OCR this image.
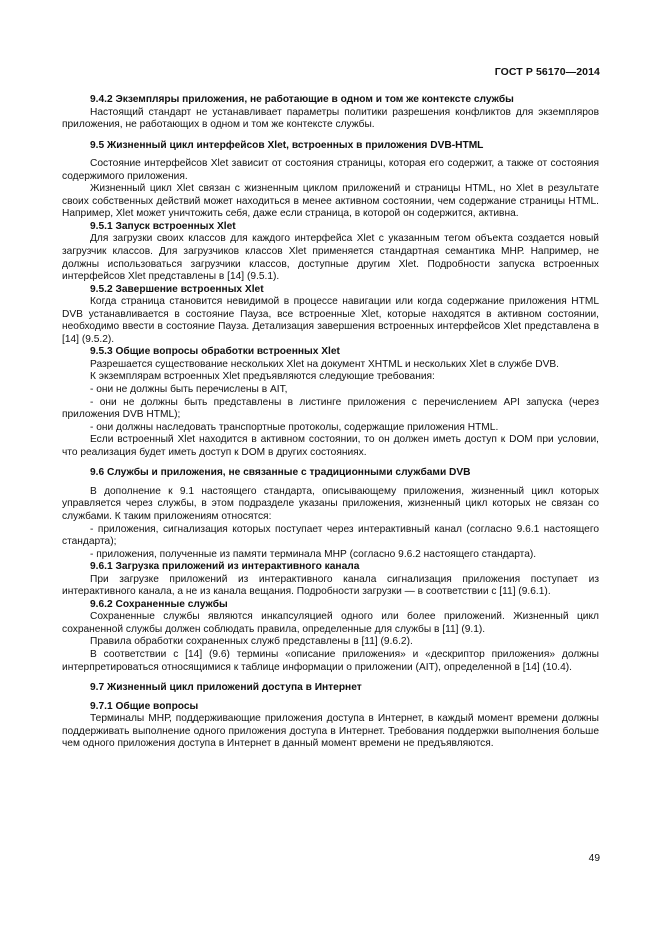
ГОСТ Р 56170—2014
9.4.2 Экземпляры приложения, не работающие в одном и том же контексте службы

Настоящий стандарт не устанавливает параметры политики разрешения конфликтов для экземпляров приложения, не работающих в одном и том же контексте службы.

9.5 Жизненный цикл интерфейсов Xlet, встроенных в приложения DVB-HTML

Состояние интерфейсов Xlet зависит от состояния страницы, которая его содержит, а также от состояния содержимого приложения.

Жизненный цикл Xlet связан с жизненным циклом приложений и страницы HTML, но Xlet в результате своих собственных действий может находиться в менее активном состоянии, чем содержание страницы HTML. Например, Xlet может уничтожить себя, даже если страница, в которой он содержится, активна.

9.5.1 Запуск встроенных Xlet

Для загрузки своих классов для каждого интерфейса Xlet с указанным тегом объекта создается новый загрузчик классов. Для загрузчиков классов Xlet применяется стандартная семантика МНР. Например, не должны использоваться загрузчики классов, доступные другим Xlet. Подробности запуска встроенных интерфейсов Xlet представлены в [14] (9.5.1).

9.5.2 Завершение встроенных Xlet

Когда страница становится невидимой в процессе навигации или когда содержание приложения HTML DVB устанавливается в состояние Пауза, все встроенные Xlet, которые находятся в активном состоянии, необходимо ввести в состояние Пауза. Детализация завершения встроенных интерфейсов Xlet представлена в [14] (9.5.2).

9.5.3 Общие вопросы обработки встроенных Xlet

Разрешается существование нескольких Xlet на документ XHTML и нескольких Xlet в службе DVB.

К экземплярам встроенных Xlet предъявляются следующие требования:

- они не должны быть перечислены в AIT,

- они не должны быть представлены в листинге приложения с перечислением API запуска (через приложения DVB HTML);

- они должны наследовать транспортные протоколы, содержащие приложения HTML.

Если встроенный Xlet находится в активном состоянии, то он должен иметь доступ к DOM при условии, что реализация будет иметь доступ к DOM в других состояниях.

9.6 Службы и приложения, не связанные с традиционными службами DVB

В дополнение к 9.1 настоящего стандарта, описывающему приложения, жизненный цикл которых управляется через службы, в этом подразделе указаны приложения, жизненный цикл которых не связан со службами. К таким приложениям относятся:

- приложения, сигнализация которых поступает через интерактивный канал (согласно 9.6.1 настоящего стандарта);

- приложения, полученные из памяти терминала МНР (согласно 9.6.2 настоящего стандарта).

9.6.1 Загрузка приложений из интерактивного канала

При загрузке приложений из интерактивного канала сигнализация приложения поступает из интерактивного канала, а не из канала вещания. Подробности загрузки — в соответствии с [11] (9.6.1).

9.6.2 Сохраненные службы

Сохраненные службы являются инкапсуляцией одного или более приложений. Жизненный цикл сохраненной службы должен соблюдать правила, определенные для службы в [11] (9.1).

Правила обработки сохраненных служб представлены в [11] (9.6.2).

В соответствии с [14] (9.6) термины «описание приложения» и «дескриптор приложения» должны интерпретироваться относящимися к таблице информации о приложении (AIT), определенной в [14] (10.4).

9.7 Жизненный цикл приложений доступа в Интернет
9.7.1 Общие вопросы

Терминалы МНР, поддерживающие приложения доступа в Интернет, в каждый момент времени должны поддерживать выполнение одного приложения доступа в Интернет. Требования поддержки выполнения больше чем одного приложения доступа в Интернет в данный момент времени не предъявляются.

49
